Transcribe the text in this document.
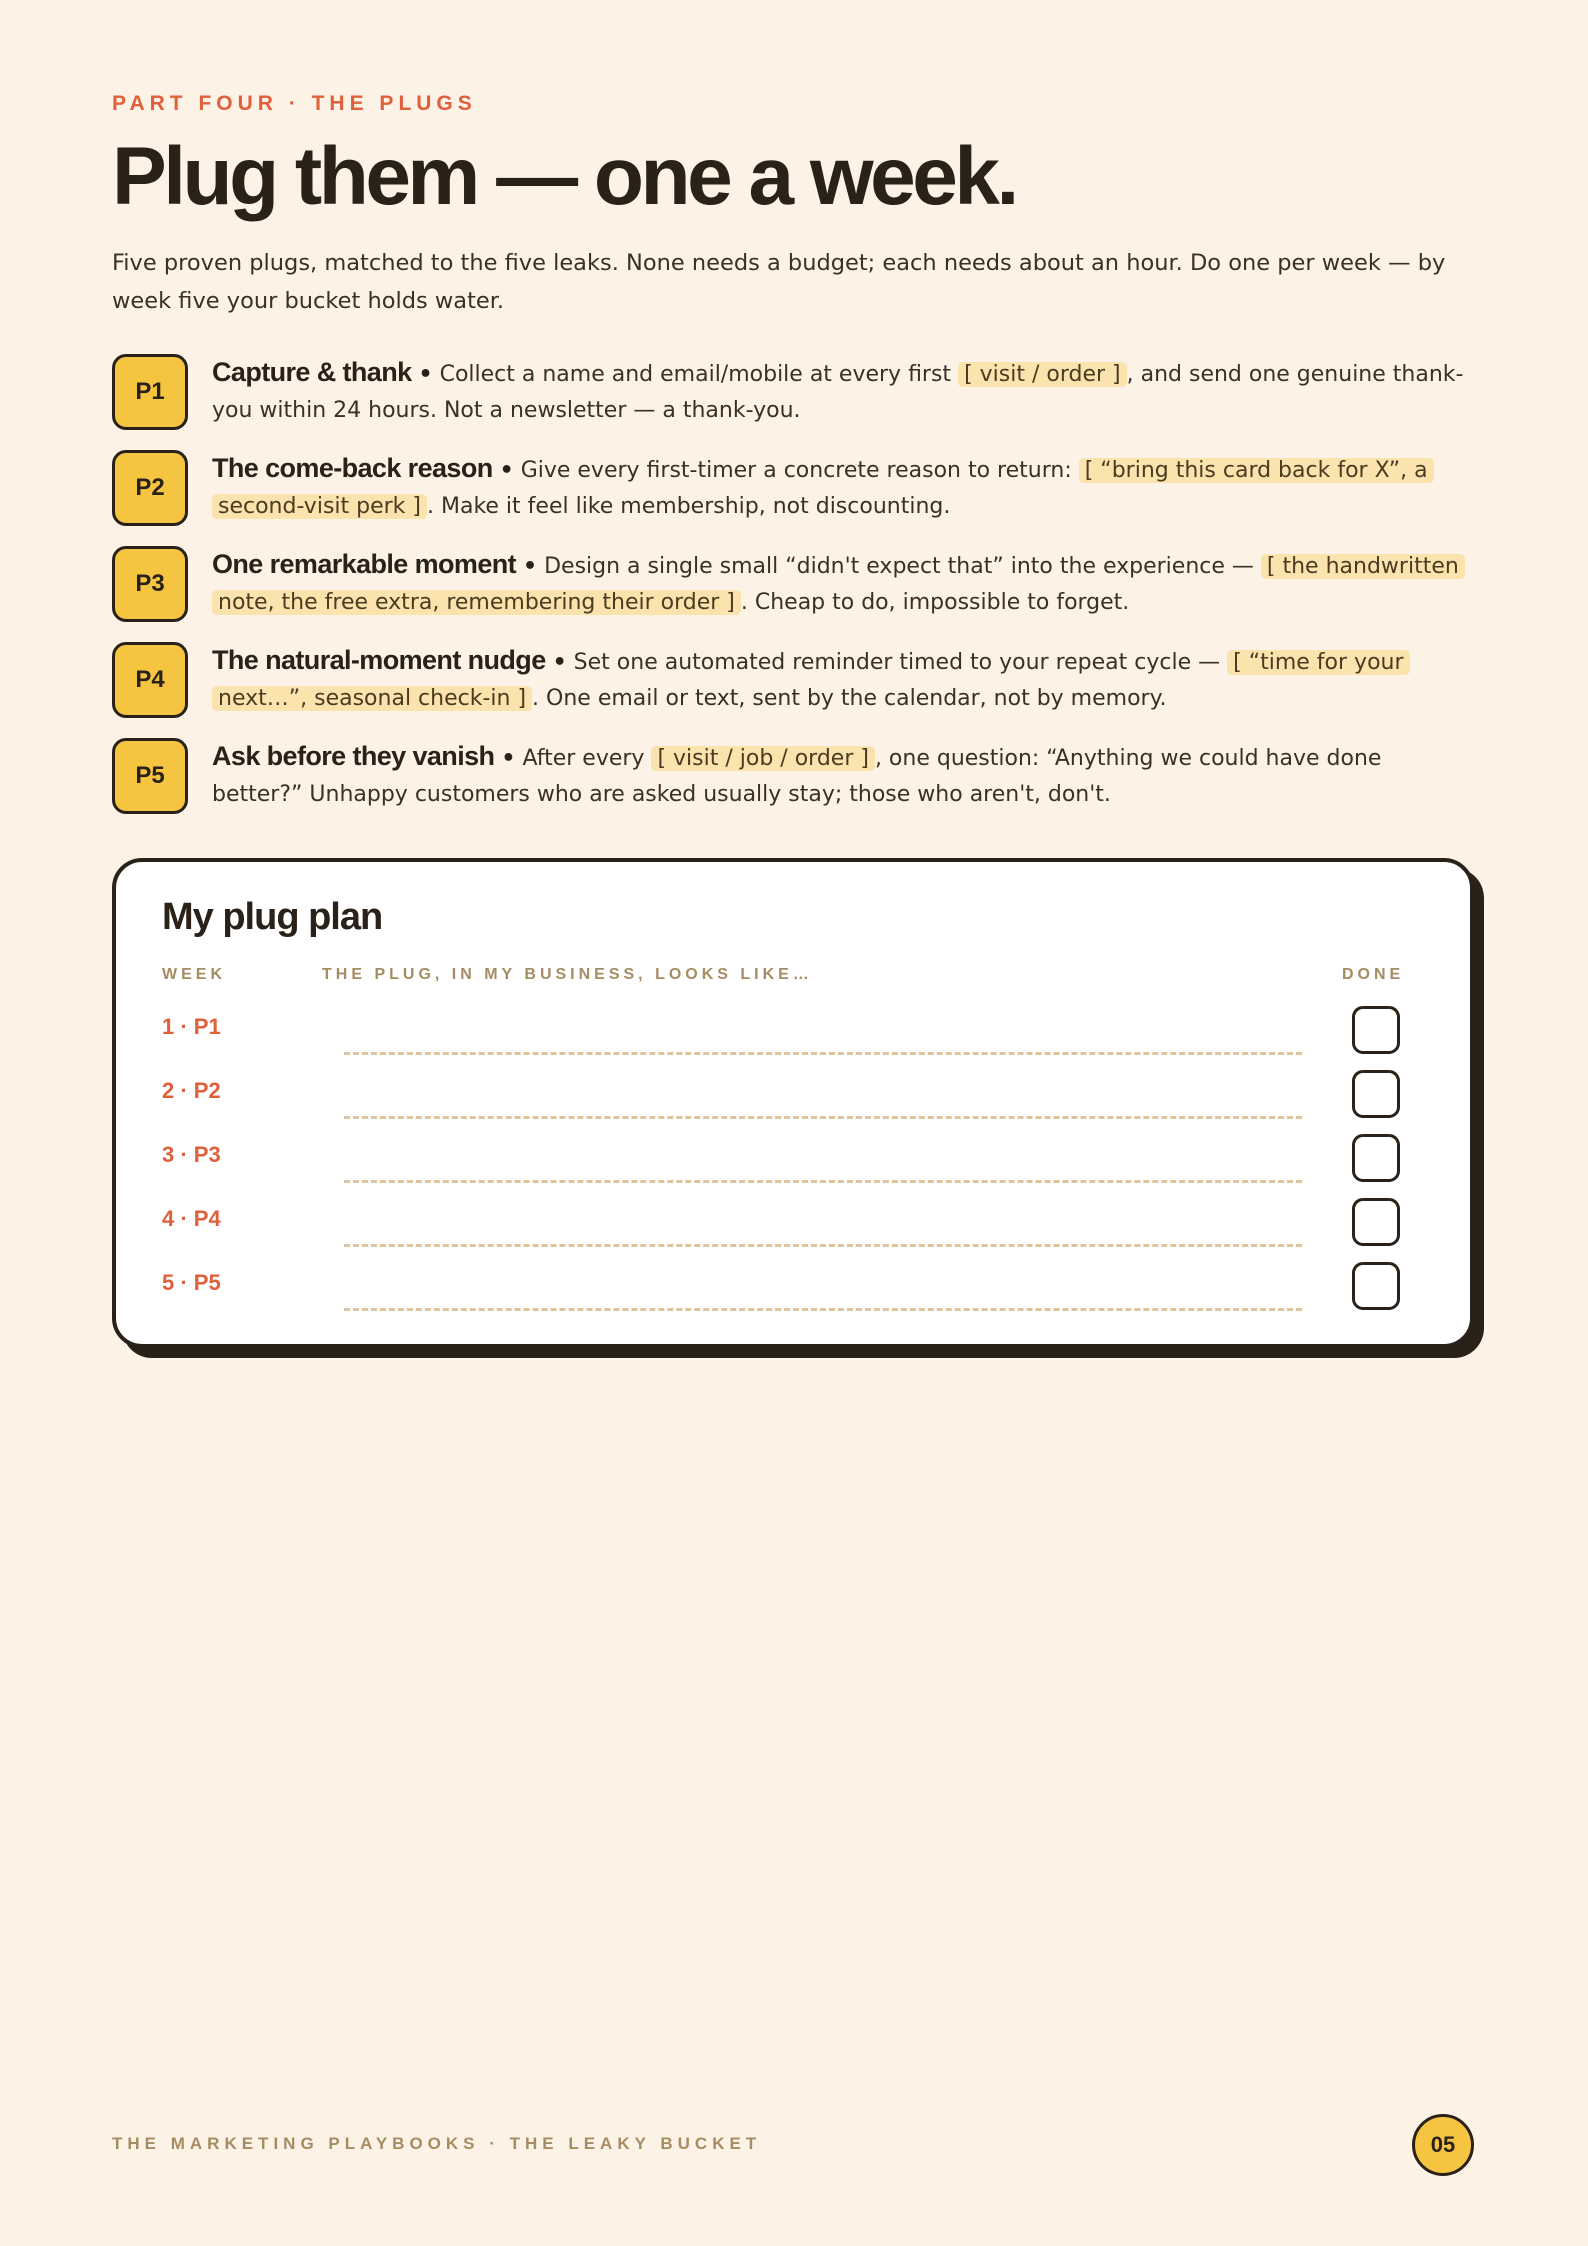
PART FOUR · THE PLUGS
Plug them — one a week.

Five proven plugs, matched to the five leaks. None needs a budget; each needs about an hour. Do one per week — by week five your bucket holds water.

P1
Capture & thank • Collect a name and email/mobile at every first [ visit / order ] , and send one genuine thank-you within 24 hours. Not a newsletter — a thank-you.
P2
The come-back reason • Give every first-timer a concrete reason to return: [ “bring this card back for X”, a second-visit perk ] . Make it feel like membership, not discounting.
P3
One remarkable moment • Design a single small “didn't expect that” into the experience — [ the handwritten note, the free extra, remembering their order ] . Cheap to do, impossible to forget.
P4
The natural-moment nudge • Set one automated reminder timed to your repeat cycle — [ “time for your next…”, seasonal check-in ] . One email or text, sent by the calendar, not by memory.
P5
Ask before they vanish • After every [ visit / job / order ] , one question: “Anything we could have done better?” Unhappy customers who are asked usually stay; those who aren't, don't.
My plug plan
WEEK	THE PLUG, IN MY BUSINESS, LOOKS LIKE…	DONE
1 · P1
2 · P2
3 · P3
4 · P4
5 · P5
THE MARKETING PLAYBOOKS · THE LEAKY BUCKET	05
